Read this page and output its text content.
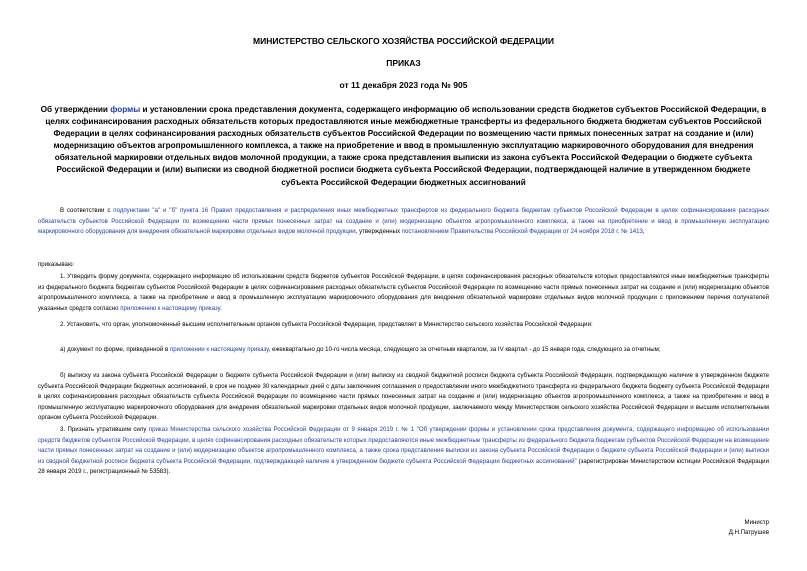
МИНИСТЕРСТВО СЕЛЬСКОГО ХОЗЯЙСТВА РОССИЙСКОЙ ФЕДЕРАЦИИ
ПРИКАЗ
от 11 декабря 2023 года № 905
Об утверждении формы и установлении срока представления документа, содержащего информацию об использовании средств бюджетов субъектов Российской Федерации, в целях софинансирования расходных обязательств которых предоставляются иные межбюджетные трансферты из федерального бюджета бюджетам субъектов Российской Федерации в целях софинансирования расходных обязательств субъектов Российской Федерации по возмещению части прямых понесенных затрат на создание и (или) модернизацию объектов агропромышленного комплекса, а также на приобретение и ввод в промышленную эксплуатацию маркировочного оборудования для внедрения обязательной маркировки отдельных видов молочной продукции, а также срока представления выписки из закона субъекта Российской Федерации о бюджете субъекта Российской Федерации и (или) выписки из сводной бюджетной росписи бюджета субъекта Российской Федерации, подтверждающей наличие в утвержденном бюджете субъекта Российской Федерации бюджетных ассигнований
В соответствии с подпунктами "а" и "б" пункта 16 Правил предоставления и распределения иных межбюджетных трансфертов из федерального бюджета бюджетам субъектов Российской Федерации в целях софинансирования расходных обязательств субъектов Российской Федерации по возмещению части прямых понесенных затрат на создание и (или) модернизацию объектов агропромышленного комплекса, а также на приобретение и ввод в промышленную эксплуатацию маркировочного оборудования для внедрения обязательной маркировки отдельных видов молочной продукции, утвержденных постановлением Правительства Российской Федерации от 24 ноября 2018 г. № 1413,
приказываю:
1. Утвердить форму документа, содержащего информацию об использовании средств бюджетов субъектов Российской Федерации, в целях софинансирования расходных обязательств которых предоставляются иные межбюджетные трансферты из федерального бюджета бюджетам субъектов Российской Федерации в целях софинансирования расходных обязательств субъектов Российской Федерации по возмещению части прямых понесенных затрат на создание и (или) модернизацию объектов агропромышленного комплекса, а также на приобретение и ввод в промышленную эксплуатацию маркировочного оборудования для внедрения обязательной маркировки отдельных видов молочной продукции с приложением перечня получателей указанных средств согласно приложению к настоящему приказу.
2. Установить, что орган, уполномоченный высшим исполнительным органом субъекта Российской Федерации, представляет в Министерство сельского хозяйства Российской Федерации:
а) документ по форме, приведенной в приложении к настоящему приказу, ежеквартально до 10-го числа месяца, следующего за отчетным кварталом, за IV квартал - до 15 января года, следующего за отчетным;
б) выписку из закона субъекта Российской Федерации о бюджете субъекта Российской Федерации и (или) выписку из сводной бюджетной росписи бюджета субъекта Российской Федерации, подтверждающую наличие в утвержденном бюджете субъекта Российской Федерации бюджетных ассигнований, в срок не позднее 30 календарных дней с даты заключения соглашения о предоставлении иного межбюджетного трансферта из федерального бюджета бюджету субъекта Российской Федерации в целях софинансирования расходных обязательств субъекта Российской Федерации по возмещению части прямых понесенных затрат на создание и (или) модернизацию объектов агропромышленного комплекса, а также на приобретение и ввод в промышленную эксплуатацию маркировочного оборудования для внедрения обязательной маркировки отдельных видов молочной продукции, заключаемого между Министерством сельского хозяйства Российской Федерации и высшим исполнительным органом субъекта Российской Федерации.
3. Признать утратившим силу приказ Министерства сельского хозяйства Российской Федерации от 9 января 2019 г. № 1 "Об утверждении формы и установлении срока представления документа, содержащего информацию об использовании средств бюджетов субъектов Российской Федерации, в целях софинансирования расходных обязательств которых предоставляются иные межбюджетные трансферты из федерального бюджета бюджетам субъектов Российской Федерации на возмещение части прямых понесенных затрат на создание и (или) модернизацию объектов агропромышленного комплекса, а также срока представления выписки из закона субъекта Российской Федерации о бюджете субъекта Российской Федерации и (или) выписки из сводной бюджетной росписи бюджета субъекта Российской Федерации, подтверждающей наличие в утвержденном бюджете субъекта Российской Федерации бюджетных ассигнований" (зарегистрирован Министерством юстиции Российской Федерации 28 января 2019 г., регистрационный № 53583).
Министр
Д.Н.Патрушев
